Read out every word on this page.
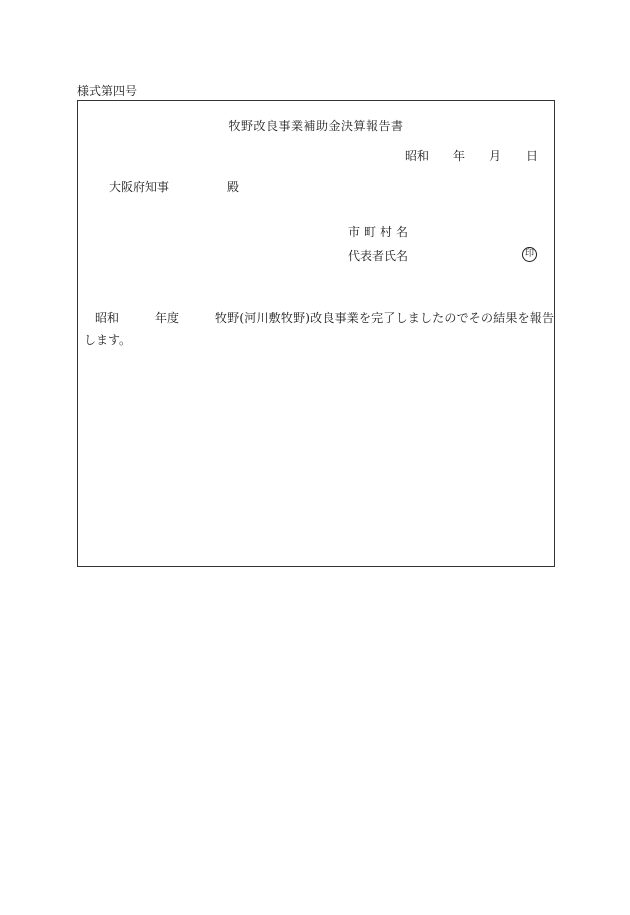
様式第四号
牧野改良事業補助金決算報告書
昭和 年 月 日
大阪府知事	殿
市町村名
代表者氏名	印
昭和	年度	牧野(河川敷牧野)改良事業を完了しましたのでその結果を報告
します。
